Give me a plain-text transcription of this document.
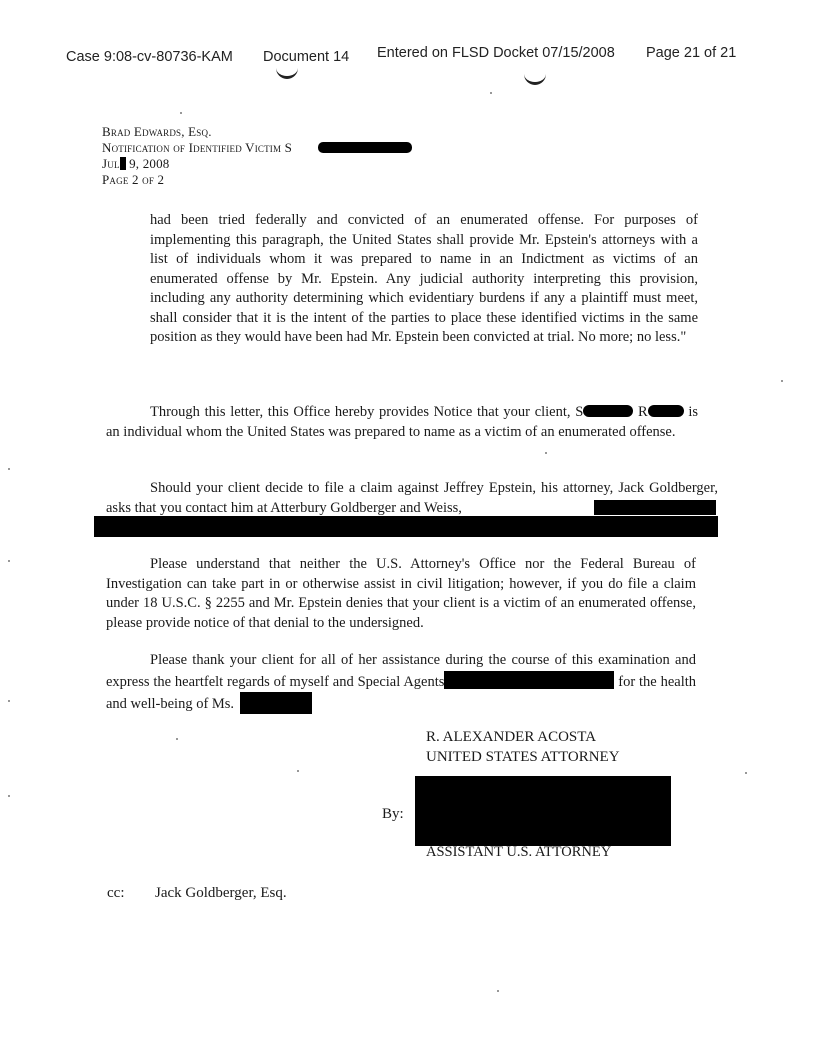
Case 9:08-cv-80736-KAM Document 14 Entered on FLSD Docket 07/15/2008 Page 21 of 21
Brad Edwards, Esq.
Notification of Identified Victim S
Jul 9, 2008
Page 2 of 2
had been tried federally and convicted of an enumerated offense. For purposes of implementing this paragraph, the United States shall provide Mr. Epstein's attorneys with a list of individuals whom it was prepared to name in an Indictment as victims of an enumerated offense by Mr. Epstein. Any judicial authority interpreting this provision, including any authority determining which evidentiary burdens if any a plaintiff must meet, shall consider that it is the intent of the parties to place these identified victims in the same position as they would have been had Mr. Epstein been convicted at trial. No more; no less."
Through this letter, this Office hereby provides Notice that your client, S	R is an individual whom the United States was prepared to name as a victim of an enumerated offense.
Should your client decide to file a claim against Jeffrey Epstein, his attorney, Jack Goldberger, asks that you contact him at Atterbury Goldberger and Weiss,
Please understand that neither the U.S. Attorney's Office nor the Federal Bureau of Investigation can take part in or otherwise assist in civil litigation; however, if you do file a claim under 18 U.S.C. § 2255 and Mr. Epstein denies that your client is a victim of an enumerated offense, please provide notice of that denial to the undersigned.
Please thank your client for all of her assistance during the course of this examination and express the heartfelt regards of myself and Special Agents	for the health and well-being of Ms.
R. ALEXANDER ACOSTA
UNITED STATES ATTORNEY
By:
ASSISTANT U.S. ATTORNEY
cc: Jack Goldberger, Esq.
